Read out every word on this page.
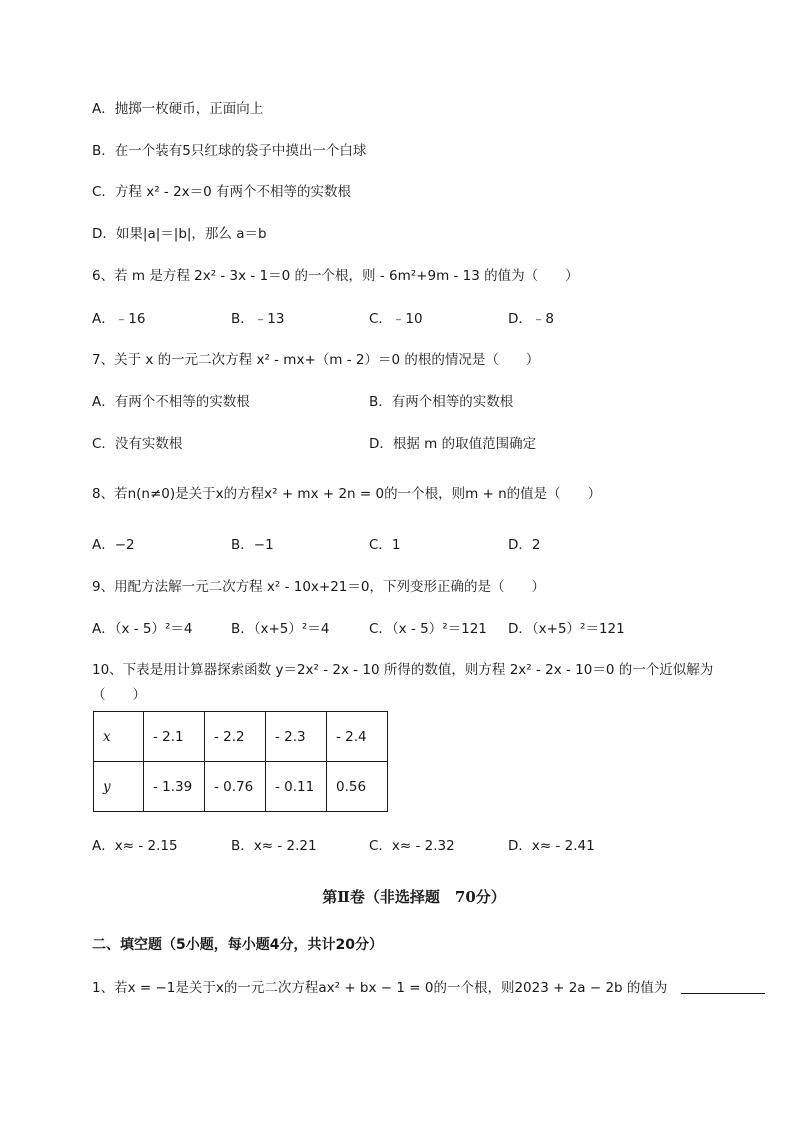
A．抛掷一枚硬币，正面向上
B．在一个装有5只红球的袋子中摸出一个白球
C．方程 x² - 2x＝0 有两个不相等的实数根
D．如果|a|＝|b|，那么 a＝b
6、若 m 是方程 2x² - 3x - 1＝0 的一个根，则 - 6m²+9m - 13 的值为（　　）
A．﹣16	B．﹣13	C．﹣10	D．﹣8
7、关于 x 的一元二次方程 x² - mx+（m - 2）＝0 的根的情况是（　　）
A．有两个不相等的实数根	B．有两个相等的实数根
C．没有实数根	D．根据 m 的取值范围确定
8、若n(n≠0)是关于x的方程x² + mx + 2n = 0的一个根，则m + n的值是（　　）
A．−2	B．−1	C．1	D．2
9、用配方法解一元二次方程 x² - 10x+21＝0，下列变形正确的是（　　）
A．（x - 5）²＝4	B．（x+5）²＝4	C．（x - 5）²＝121 D．（x+5）²＝121
10、下表是用计算器探索函数 y＝2x² - 2x - 10 所得的数值，则方程 2x² - 2x - 10＝0 的一个近似解为
（　　）
x	- 2.1	- 2.2	- 2.3	- 2.4
y	- 1.39	- 0.76	- 0.11	0.56
A．x≈ - 2.15	B．x≈ - 2.21	C．x≈ - 2.32	D．x≈ - 2.41
第Ⅱ卷（非选择题　70分）
二、填空题（5小题，每小题4分，共计20分）
1、若x = −1是关于x的一元二次方程ax² + bx − 1 = 0的一个根，则2023 + 2a − 2b 的值为
